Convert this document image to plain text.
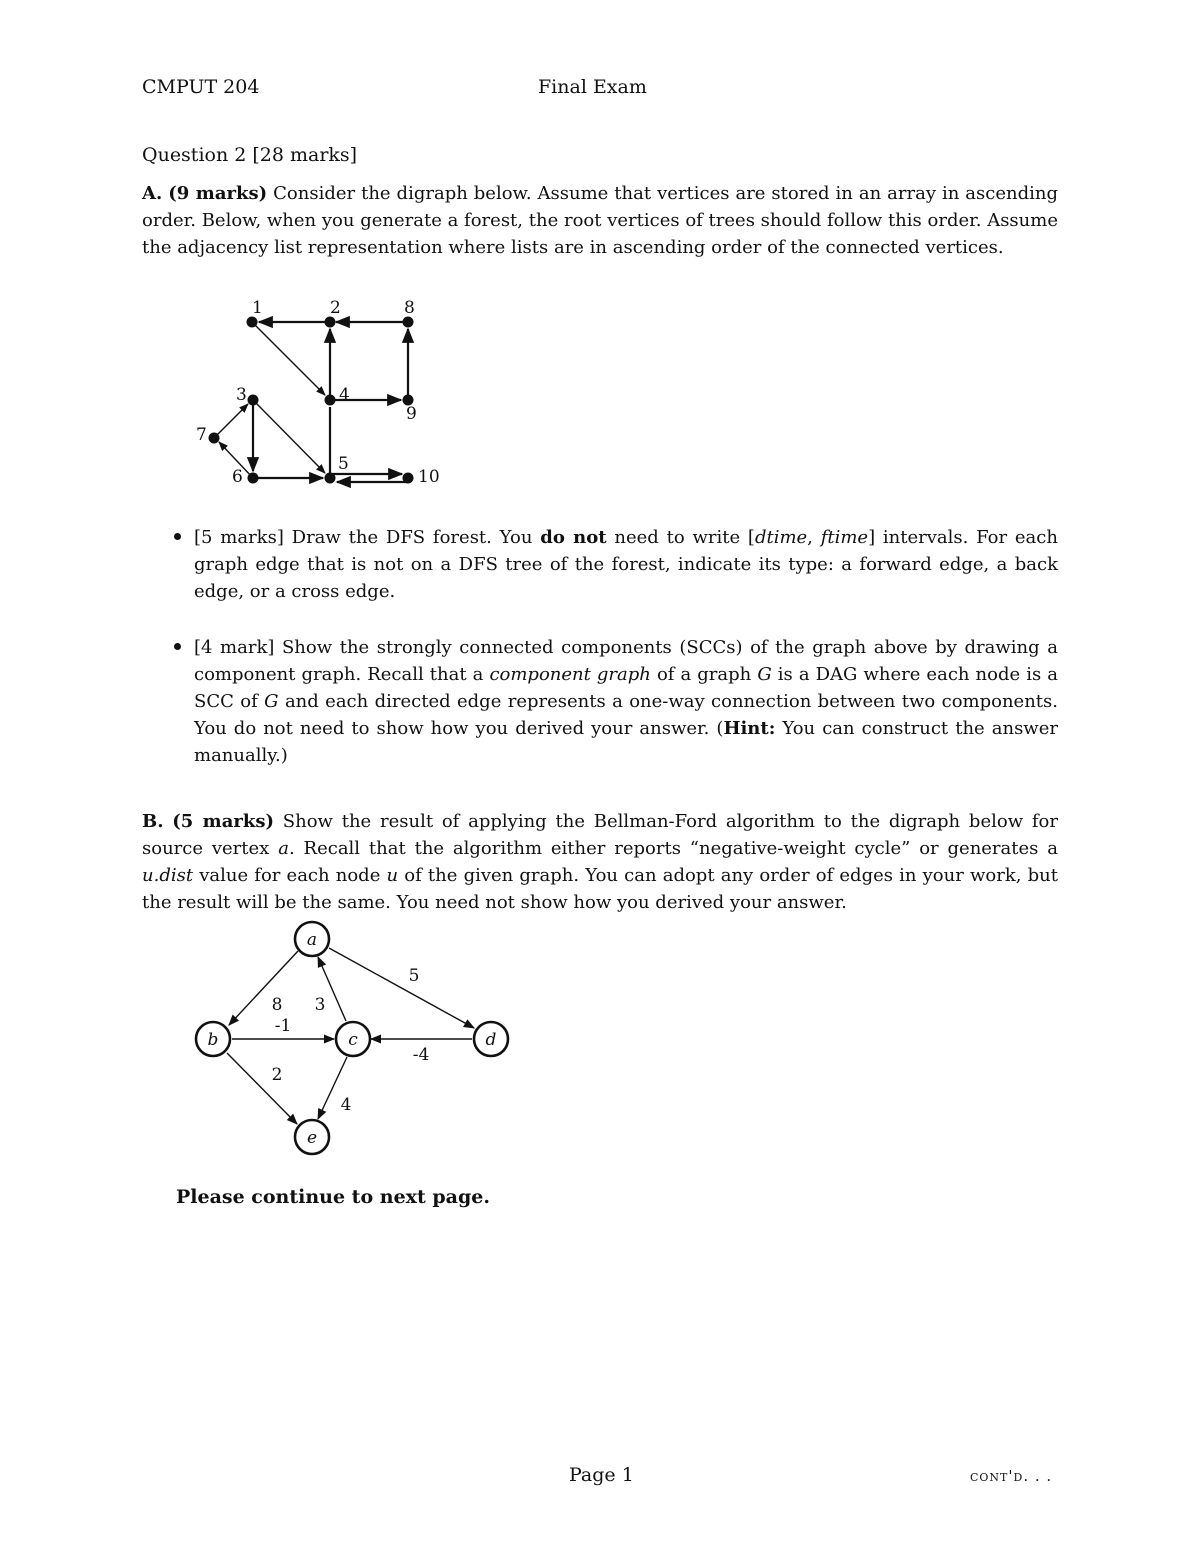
CMPUT 204	Final Exam
Question 2 [28 marks]
A. (9 marks) Consider the digraph below. Assume that vertices are stored in an array in ascending order. Below, when you generate a forest, the root vertices of trees should follow this order. Assume the adjacency list representation where lists are in ascending order of the connected vertices.
1	2	8
3	4
9
7
5
6	10
[5 marks] Draw the DFS forest. You do not need to write [dtime, ftime] intervals. For each graph edge that is not on a DFS tree of the forest, indicate its type: a forward edge, a back edge, or a cross edge.
[4 mark] Show the strongly connected components (SCCs) of the graph above by drawing a component graph. Recall that a component graph of a graph G is a DAG where each node is a SCC of G and each directed edge represents a one-way connection between two components. You do not need to show how you derived your answer. (Hint: You can construct the answer manually.)
B. (5 marks) Show the result of applying the Bellman-Ford algorithm to the digraph below for source vertex a. Recall that the algorithm either reports “negative-weight cycle” or generates a u.dist value for each node u of the given graph. You can adopt any order of edges in your work, but the result will be the same. You need not show how you derived your answer.
a
b	c	d
e
5
8 3
-1
-4
2
4
Please continue to next page.
Page 1	cont'd. . .
